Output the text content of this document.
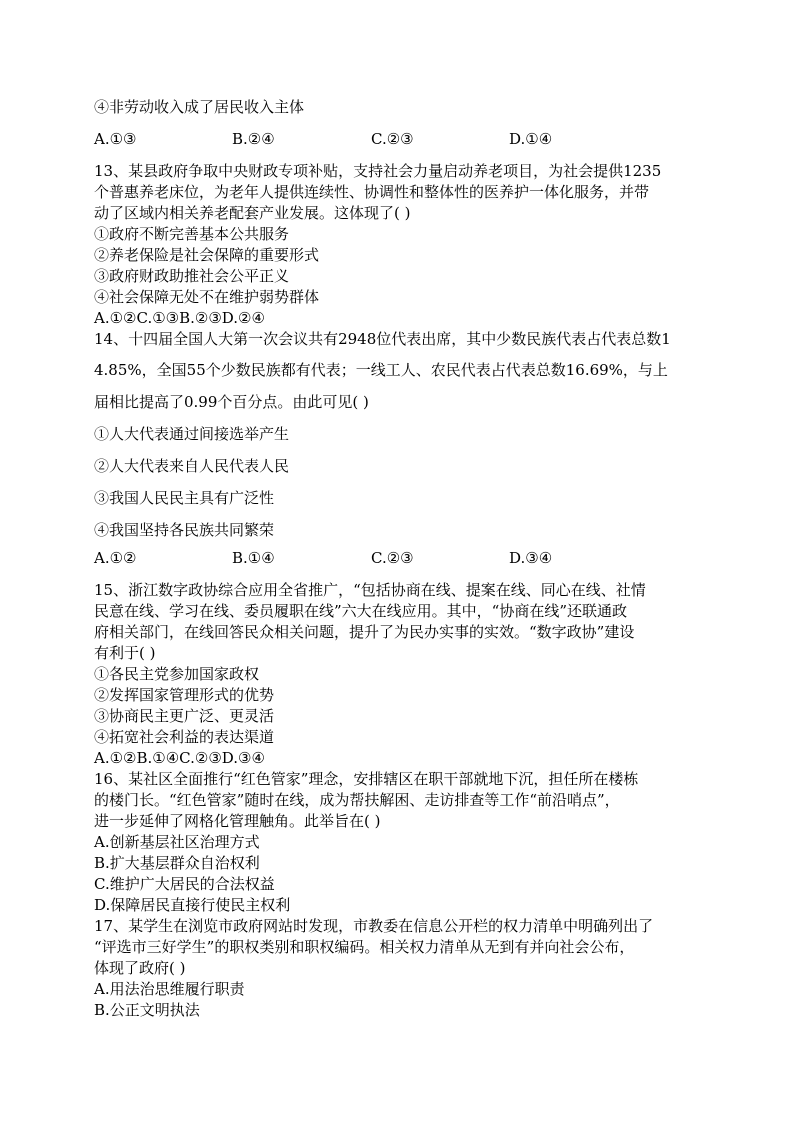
④非劳动收入成了居民收入主体
A.①③	B.②④	C.②③	D.①④
13、某县政府争取中央财政专项补贴，支持社会力量启动养老项目，为社会提供1235
个普惠养老床位，为老年人提供连续性、协调性和整体性的医养护一体化服务，并带
动了区域内相关养老配套产业发展。这体现了( )
①政府不断完善基本公共服务
②养老保险是社会保障的重要形式
③政府财政助推社会公平正义
④社会保障无处不在维护弱势群体
A.①②C.①③B.②③D.②④
14、十四届全国人大第一次会议共有2948位代表出席，其中少数民族代表占代表总数1
4.85%，全国55个少数民族都有代表；一线工人、农民代表占代表总数16.69%，与上
届相比提高了0.99个百分点。由此可见( )
①人大代表通过间接选举产生
②人大代表来自人民代表人民
③我国人民民主具有广泛性
④我国坚持各民族共同繁荣
A.①②	B.①④	C.②③	D.③④
15、浙江数字政协综合应用全省推广，“包括协商在线、提案在线、同心在线、社情
民意在线、学习在线、委员履职在线”六大在线应用。其中，“协商在线”还联通政
府相关部门，在线回答民众相关问题，提升了为民办实事的实效。“数字政协”建设
有利于( )
①各民主党参加国家政权
②发挥国家管理形式的优势
③协商民主更广泛、更灵活
④拓宽社会利益的表达渠道
A.①②B.①④C.②③D.③④
16、某社区全面推行“红色管家”理念，安排辖区在职干部就地下沉，担任所在楼栋
的楼门长。“红色管家”随时在线，成为帮扶解困、走访排查等工作“前沿哨点”，
进一步延伸了网格化管理触角。此举旨在( )
A.创新基层社区治理方式
B.扩大基层群众自治权利
C.维护广大居民的合法权益
D.保障居民直接行使民主权利
17、某学生在浏览市政府网站时发现，市教委在信息公开栏的权力清单中明确列出了
“评选市三好学生”的职权类别和职权编码。相关权力清单从无到有并向社会公布，
体现了政府( )
A.用法治思维履行职责
B.公正文明执法
